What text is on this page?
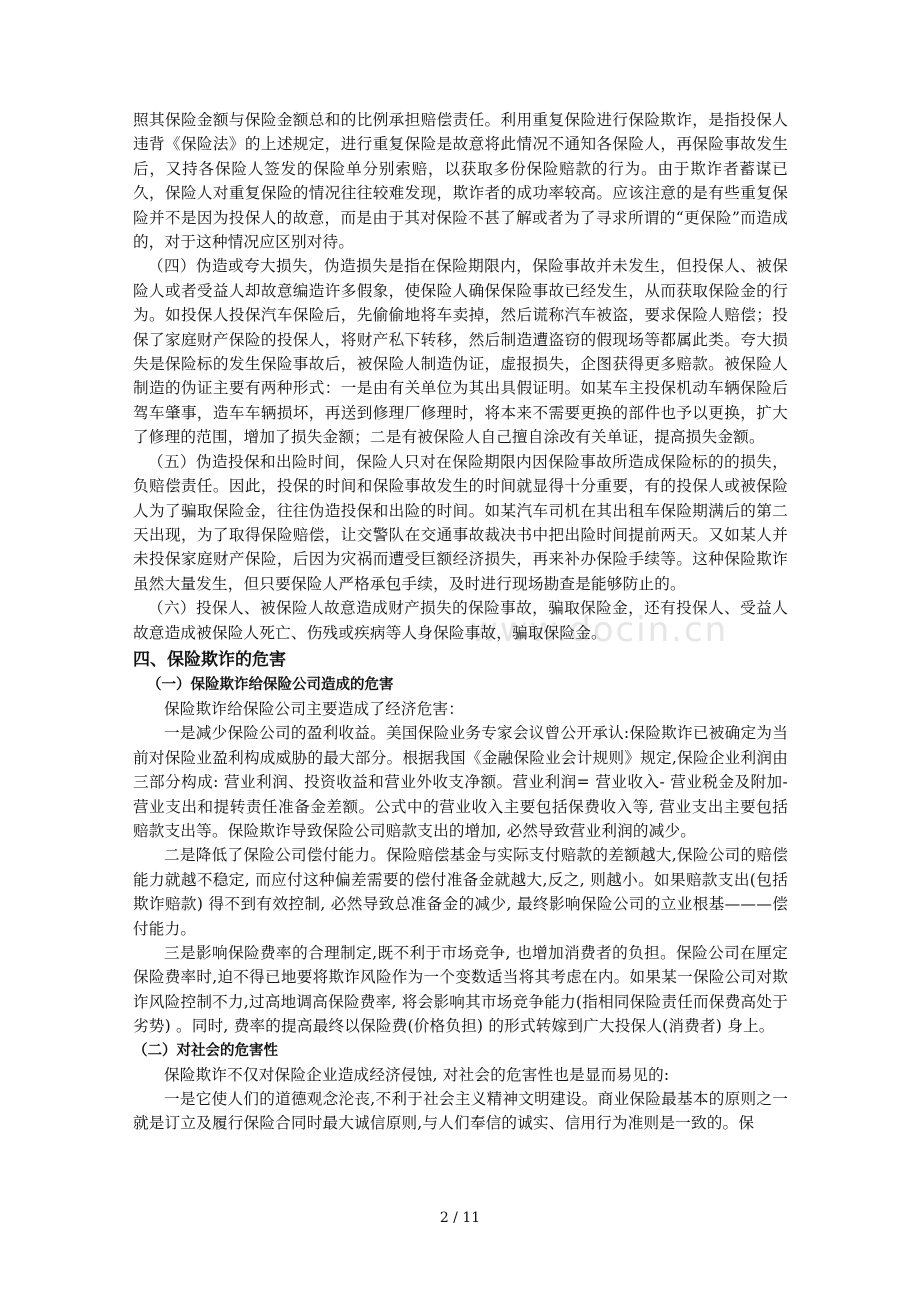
www.docin.cn

照其保险金额与保险金额总和的比例承担赔偿责任。利用重复保险进行保险欺诈，是指投保人违背《保险法》的上述规定，进行重复保险是故意将此情况不通知各保险人，再保险事故发生后，又持各保险人签发的保险单分别索赔，以获取多份保险赔款的行为。由于欺诈者蓄谋已久，保险人对重复保险的情况往往较难发现，欺诈者的成功率较高。应该注意的是有些重复保险并不是因为投保人的故意，而是由于其对保险不甚了解或者为了寻求所谓的“更保险”而造成的，对于这种情况应区别对待。

（四）伪造或夸大损失，伪造损失是指在保险期限内，保险事故并未发生，但投保人、被保险人或者受益人却故意编造许多假象，使保险人确保保险事故已经发生，从而获取保险金的行为。如投保人投保汽车保险后，先偷偷地将车卖掉，然后谎称汽车被盗，要求保险人赔偿；投保了家庭财产保险的投保人，将财产私下转移，然后制造遭盗窃的假现场等都属此类。夸大损失是保险标的发生保险事故后，被保险人制造伪证，虚报损失，企图获得更多赔款。被保险人制造的伪证主要有两种形式：一是由有关单位为其出具假证明。如某车主投保机动车辆保险后驾车肇事，造车车辆损坏，再送到修理厂修理时，将本来不需要更换的部件也予以更换，扩大了修理的范围，增加了损失金额；二是有被保险人自己擅自涂改有关单证，提高损失金额。

（五）伪造投保和出险时间，保险人只对在保险期限内因保险事故所造成保险标的的损失，负赔偿责任。因此，投保的时间和保险事故发生的时间就显得十分重要，有的投保人或被保险人为了骗取保险金，往往伪造投保和出险的时间。如某汽车司机在其出租车保险期满后的第二天出现，为了取得保险赔偿，让交警队在交通事故裁决书中把出险时间提前两天。又如某人并未投保家庭财产保险，后因为灾祸而遭受巨额经济损失，再来补办保险手续等。这种保险欺诈虽然大量发生，但只要保险人严格承包手续，及时进行现场勘查是能够防止的。

（六）投保人、被保险人故意造成财产损失的保险事故，骗取保险金，还有投保人、受益人故意造成被保险人死亡、伤残或疾病等人身保险事故，骗取保险金。

四、保险欺诈的危害
（一）保险欺诈给保险公司造成的危害

保险欺诈给保险公司主要造成了经济危害：

一是减少保险公司的盈利收益。美国保险业务专家会议曾公开承认:保险欺诈已被确定为当前对保险业盈利构成威胁的最大部分。根据我国《金融保险业会计规则》规定,保险企业利润由三部分构成: 营业利润、投资收益和营业外收支净额。营业利润= 营业收入- 营业税金及附加- 营业支出和提转责任准备金差额。公式中的营业收入主要包括保费收入等, 营业支出主要包括赔款支出等。保险欺诈导致保险公司赔款支出的增加, 必然导致营业利润的减少。

二是降低了保险公司偿付能力。保险赔偿基金与实际支付赔款的差额越大,保险公司的赔偿能力就越不稳定, 而应付这种偏差需要的偿付准备金就越大,反之, 则越小。如果赔款支出(包括欺诈赔款) 得不到有效控制, 必然导致总准备金的减少, 最终影响保险公司的立业根基———偿付能力。

三是影响保险费率的合理制定,既不利于市场竞争, 也增加消费者的负担。保险公司在厘定保险费率时,迫不得已地要将欺诈风险作为一个变数适当将其考虑在内。如果某一保险公司对欺诈风险控制不力,过高地调高保险费率, 将会影响其市场竞争能力(指相同保险责任而保费高处于劣势) 。同时, 费率的提高最终以保险费(价格负担) 的形式转嫁到广大投保人(消费者) 身上。

（二）对社会的危害性

保险欺诈不仅对保险企业造成经济侵蚀, 对社会的危害性也是显而易见的:

一是它使人们的道德观念沦丧,不利于社会主义精神文明建设。商业保险最基本的原则之一就是订立及履行保险合同时最大诚信原则,与人们奉信的诚实、信用行为准则是一致的。保

2 / 11
